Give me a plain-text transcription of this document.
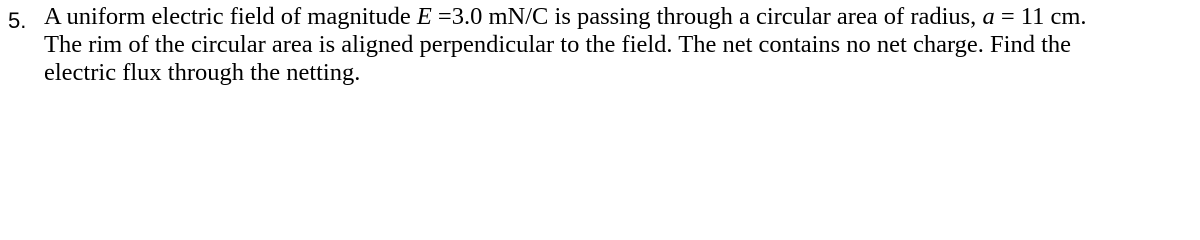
5. A uniform electric field of magnitude E =3.0 mN/C is passing through a circular area of radius, a = 11 cm.
The rim of the circular area is aligned perpendicular to the field. The net contains no net charge. Find the
electric flux through the netting.
